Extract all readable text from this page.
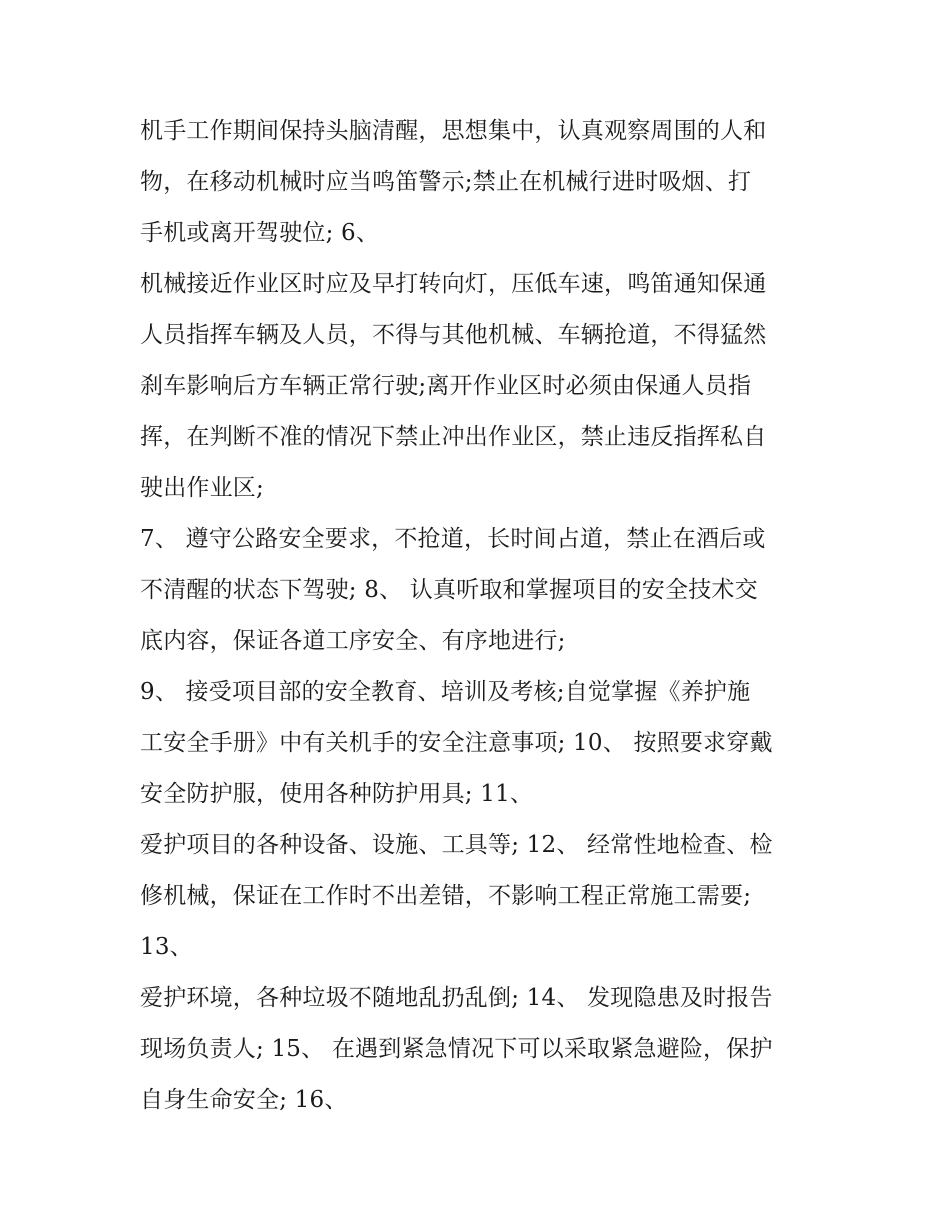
机手工作期间保持头脑清醒，思想集中，认真观察周围的人和
物，在移动机械时应当鸣笛警示;禁止在机械行进时吸烟、打
手机或离开驾驶位; 6、
机械接近作业区时应及早打转向灯，压低车速，鸣笛通知保通
人员指挥车辆及人员，不得与其他机械、车辆抢道，不得猛然
刹车影响后方车辆正常行驶;离开作业区时必须由保通人员指
挥，在判断不准的情况下禁止冲出作业区，禁止违反指挥私自
驶出作业区;
7、 遵守公路安全要求，不抢道，长时间占道，禁止在酒后或
不清醒的状态下驾驶; 8、 认真听取和掌握项目的安全技术交
底内容，保证各道工序安全、有序地进行;
9、 接受项目部的安全教育、培训及考核;自觉掌握《养护施
工安全手册》中有关机手的安全注意事项; 10、 按照要求穿戴
安全防护服，使用各种防护用具; 11、
爱护项目的各种设备、设施、工具等; 12、 经常性地检查、检
修机械，保证在工作时不出差错，不影响工程正常施工需要;
13、
爱护环境，各种垃圾不随地乱扔乱倒; 14、 发现隐患及时报告
现场负责人; 15、 在遇到紧急情况下可以采取紧急避险，保护
自身生命安全; 16、
